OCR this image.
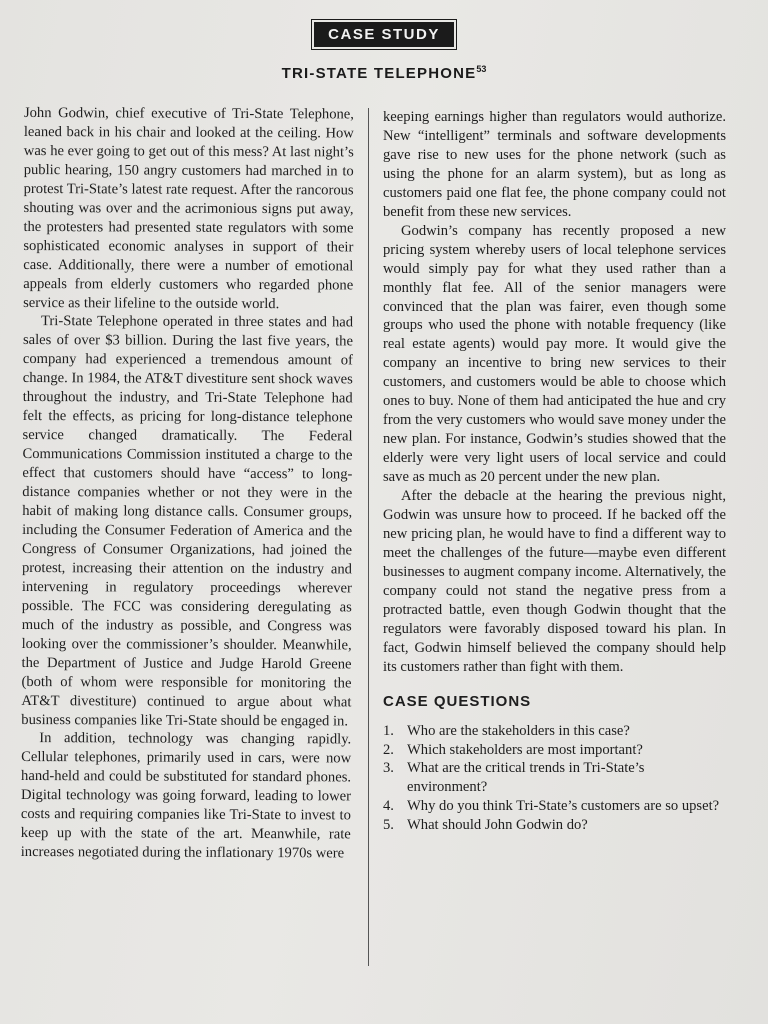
CASE STUDY
TRI-STATE TELEPHONE$^{53}$

John Godwin, chief executive of Tri-State Telephone, leaned back in his chair and looked at the ceiling. How was he ever going to get out of this mess? At last night’s public hearing, 150 angry customers had marched in to protest Tri-State’s latest rate request. After the rancorous shouting was over and the acrimonious signs put away, the protesters had presented state regulators with some sophisticated economic analyses in support of their case. Additionally, there were a number of emotional appeals from elderly customers who regarded phone service as their lifeline to the outside world.

Tri-State Telephone operated in three states and had sales of over $3 billion. During the last five years, the company had experienced a tremendous amount of change. In 1984, the AT&T divestiture sent shock waves throughout the industry, and Tri-State Telephone had felt the effects, as pricing for long-distance telephone service changed dramatically. The Federal Communications Commission instituted a charge to the effect that customers should have “access” to long-distance companies whether or not they were in the habit of making long distance calls. Consumer groups, including the Consumer Federation of America and the Congress of Consumer Organizations, had joined the protest, increasing their attention on the industry and intervening in regulatory proceedings wherever possible. The FCC was considering deregulating as much of the industry as possible, and Congress was looking over the commissioner’s shoulder. Meanwhile, the Department of Justice and Judge Harold Greene (both of whom were responsible for monitoring the AT&T divestiture) continued to argue about what business companies like Tri-State should be engaged in.

In addition, technology was changing rapidly. Cellular telephones, primarily used in cars, were now hand-held and could be substituted for standard phones. Digital technology was going forward, leading to lower costs and requiring companies like Tri-State to invest to keep up with the state of the art. Meanwhile, rate increases negotiated during the inflationary 1970s were

keeping earnings higher than regulators would authorize. New “intelligent” terminals and software developments gave rise to new uses for the phone network (such as using the phone for an alarm system), but as long as customers paid one flat fee, the phone company could not benefit from these new services.

Godwin’s company has recently proposed a new pricing system whereby users of local telephone services would simply pay for what they used rather than a monthly flat fee. All of the senior managers were convinced that the plan was fairer, even though some groups who used the phone with notable frequency (like real estate agents) would pay more. It would give the company an incentive to bring new services to their customers, and customers would be able to choose which ones to buy. None of them had anticipated the hue and cry from the very customers who would save money under the new plan. For instance, Godwin’s studies showed that the elderly were very light users of local service and could save as much as 20 percent under the new plan.

After the debacle at the hearing the previous night, Godwin was unsure how to proceed. If he backed off the new pricing plan, he would have to find a different way to meet the challenges of the future—maybe even different businesses to augment company income. Alternatively, the company could not stand the negative press from a protracted battle, even though Godwin thought that the regulators were favorably disposed toward his plan. In fact, Godwin himself believed the company should help its customers rather than fight with them.

CASE QUESTIONS
1. Who are the stakeholders in this case?
2. Which stakeholders are most important?
3. What are the critical trends in Tri-State’s environment?
4. Why do you think Tri-State’s customers are so upset?
5. What should John Godwin do?
